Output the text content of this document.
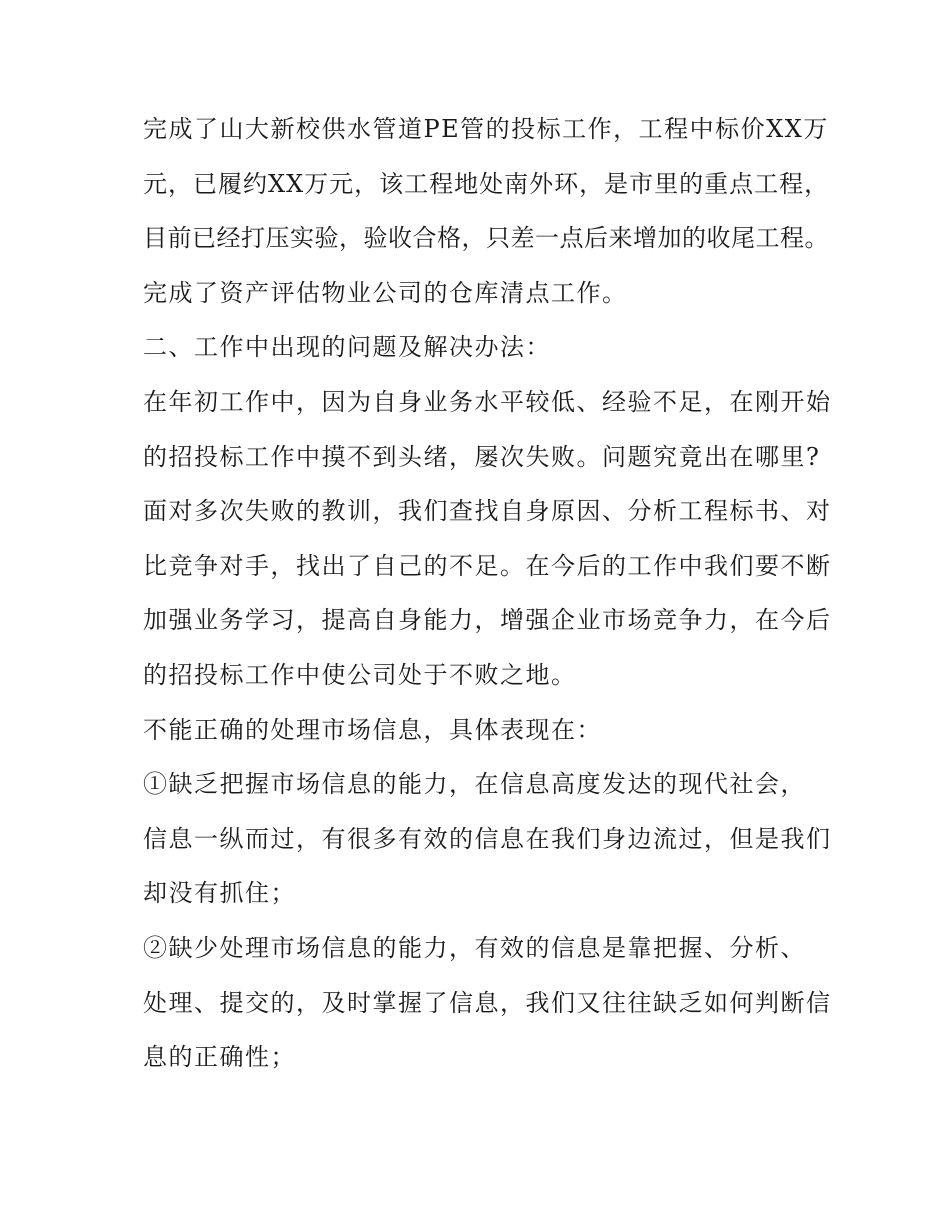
完成了山大新校供水管道PE管的投标工作，工程中标价XX万
元，已履约XX万元，该工程地处南外环，是市里的重点工程，
目前已经打压实验，验收合格，只差一点后来增加的收尾工程。
完成了资产评估物业公司的仓库清点工作。
二、工作中出现的问题及解决办法：
在年初工作中，因为自身业务水平较低、经验不足，在刚开始
的招投标工作中摸不到头绪，屡次失败。问题究竟出在哪里?
面对多次失败的教训，我们查找自身原因、分析工程标书、对
比竞争对手，找出了自己的不足。在今后的工作中我们要不断
加强业务学习，提高自身能力，增强企业市场竞争力，在今后
的招投标工作中使公司处于不败之地。
不能正确的处理市场信息，具体表现在：
①缺乏把握市场信息的能力，在信息高度发达的现代社会，
信息一纵而过，有很多有效的信息在我们身边流过，但是我们
却没有抓住；
②缺少处理市场信息的能力，有效的信息是靠把握、分析、
处理、提交的，及时掌握了信息，我们又往往缺乏如何判断信
息的正确性；
